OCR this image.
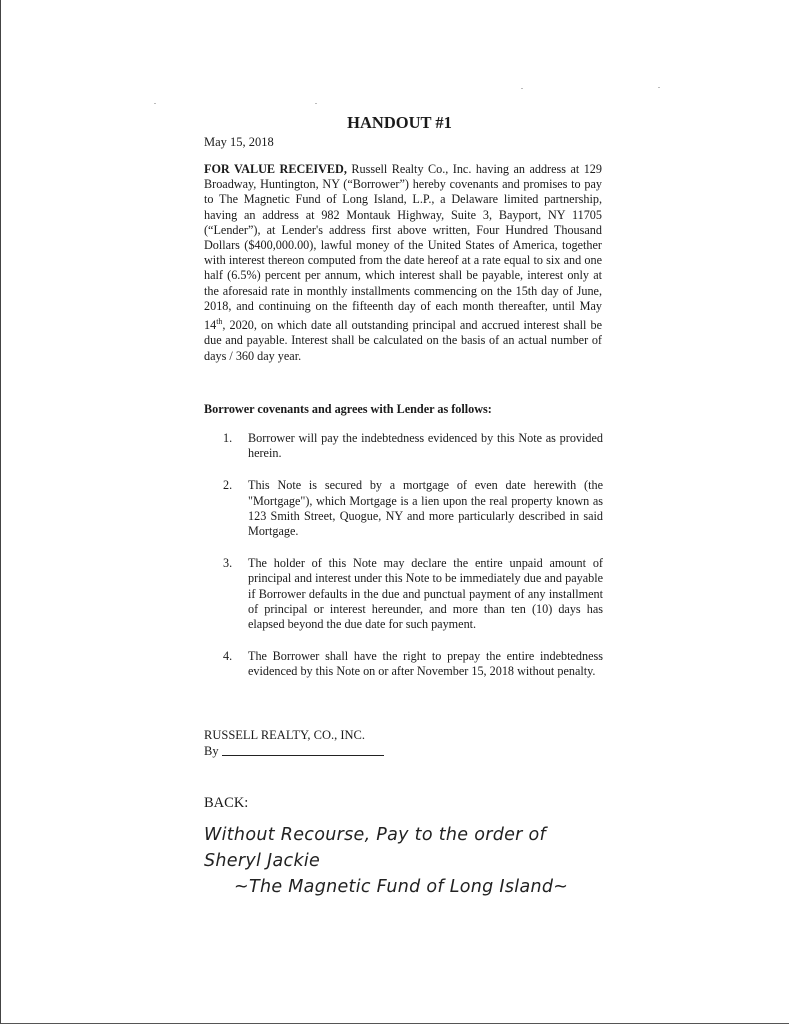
HANDOUT #1
May 15, 2018
FOR VALUE RECEIVED, Russell Realty Co., Inc. having an address at 129 Broadway, Huntington, NY (“Borrower”) hereby covenants and promises to pay to The Magnetic Fund of Long Island, L.P., a Delaware limited partnership, having an address at 982 Montauk Highway, Suite 3, Bayport, NY 11705 (“Lender”), at Lender's address first above written, Four Hundred Thousand Dollars ($400,000.00), lawful money of the United States of America, together with interest thereon computed from the date hereof at a rate equal to six and one half (6.5%) percent per annum, which interest shall be payable, interest only at the aforesaid rate in monthly installments commencing on the 15th day of June, 2018, and continuing on the fifteenth day of each month thereafter, until May 14th, 2020, on which date all outstanding principal and accrued interest shall be due and payable. Interest shall be calculated on the basis of an actual number of days / 360 day year.
Borrower covenants and agrees with Lender as follows:
1.	Borrower will pay the indebtedness evidenced by this Note as provided herein.
2.	This Note is secured by a mortgage of even date herewith (the "Mortgage"), which Mortgage is a lien upon the real property known as 123 Smith Street, Quogue, NY and more particularly described in said Mortgage.
3.	The holder of this Note may declare the entire unpaid amount of principal and interest under this Note to be immediately due and payable if Borrower defaults in the due and punctual payment of any installment of principal or interest hereunder, and more than ten (10) days has elapsed beyond the due date for such payment.
4.	The Borrower shall have the right to prepay the entire indebtedness evidenced by this Note on or after November 15, 2018 without penalty.
RUSSELL REALTY, CO., INC.
By
BACK:
Without Recourse, Pay to the order of
Sheryl Jackie
~The Magnetic Fund of Long Island~
